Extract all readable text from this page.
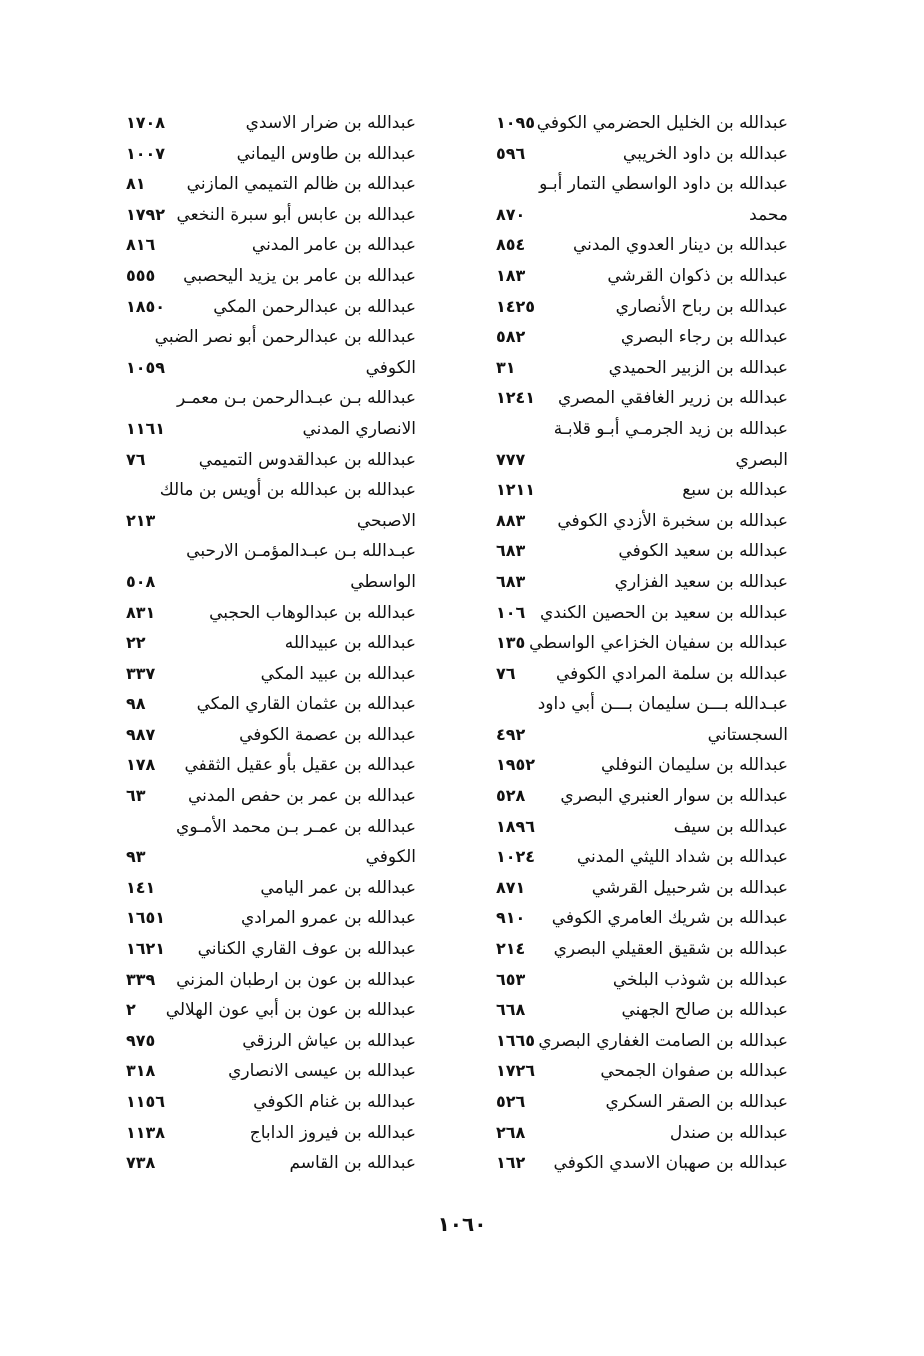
عبدالله بن الخليل الحضرمي الكوفي
١٠٩٥
عبدالله بن داود الخريبي
٥٩٦
عبدالله بن داود الواسطي التمار أبـو
محمد
٨٧٠
عبدالله بن دينار العدوي المدني
٨٥٤
عبدالله بن ذكوان القرشي
١٨٣
عبدالله بن رباح الأنصاري
١٤٢٥
عبدالله بن رجاء البصري
٥٨٢
عبدالله بن الزبير الحميدي
٣١
عبدالله بن زرير الغافقي المصري
١٢٤١
عبدالله بن زيد الجرمـي أبـو قلابـة
البصري
٧٧٧
عبدالله بن سبع
١٢١١
عبدالله بن سخبرة الأزدي الكوفي
٨٨٣
عبدالله بن سعيد الكوفي
٦٨٣
عبدالله بن سعيد الفزاري
٦٨٣
عبدالله بن سعيد بن الحصين الكندي
١٠٦
عبدالله بن سفيان الخزاعي الواسطي
١٣٥
عبدالله بن سلمة المرادي الكوفي
٧٦
عبـدالله بـــن سليمان بـــن أبي داود
السجستاني
٤٩٢
عبدالله بن سليمان النوفلي
١٩٥٢
عبدالله بن سوار العنبري البصري
٥٢٨
عبدالله بن سيف
١٨٩٦
عبدالله بن شداد الليثي المدني
١٠٢٤
عبدالله بن شرحبيل القرشي
٨٧١
عبدالله بن شريك العامري الكوفي
٩١٠
عبدالله بن شقيق العقيلي البصري
٢١٤
عبدالله بن شوذب البلخي
٦٥٣
عبدالله بن صالح الجهني
٦٦٨
عبدالله بن الصامت الغفاري البصري
١٦٦٥
عبدالله بن صفوان الجمحي
١٧٢٦
عبدالله بن الصقر السكري
٥٢٦
عبدالله بن صندل
٢٦٨
عبدالله بن صهبان الاسدي الكوفي
١٦٢
عبدالله بن ضرار الاسدي
١٧٠٨
عبدالله بن طاوس اليماني
١٠٠٧
عبدالله بن ظالم التميمي المازني
٨١
عبدالله بن عابس أبو سبرة النخعي
١٧٩٢
عبدالله بن عامر المدني
٨١٦
عبدالله بن عامر بن يزيد اليحصبي
٥٥٥
عبدالله بن عبدالرحمن المكي
١٨٥٠
عبدالله بن عبدالرحمن أبو نصر الضبي
الكوفي
١٠٥٩
عبدالله بـن عبـدالرحمن بـن معمـر
الانصاري المدني
١١٦١
عبدالله بن عبدالقدوس التميمي
٧٦
عبدالله بن عبدالله بن أويس بن مالك
الاصبحي
٢١٣
عبـدالله بـن عبـدالمؤمـن الارحبي
الواسطي
٥٠٨
عبدالله بن عبدالوهاب الحجبي
٨٣١
عبدالله بن عبيدالله
٢٢
عبدالله بن عبيد المكي
٣٣٧
عبدالله بن عثمان القاري المكي
٩٨
عبدالله بن عصمة الكوفي
٩٨٧
عبدالله بن عقيل بأو عقيل الثقفي
١٧٨
عبدالله بن عمر بن حفص المدني
٦٣
عبدالله بن عمـر بـن محمد الأمـوي
الكوفي
٩٣
عبدالله بن عمر اليامي
١٤١
عبدالله بن عمرو المرادي
١٦٥١
عبدالله بن عوف القاري الكناني
١٦٢١
عبدالله بن عون بن ارطبان المزني
٣٣٩
عبدالله بن عون بن أبي عون الهلالي
٢
عبدالله بن عياش الرزقي
٩٧٥
عبدالله بن عيسى الانصاري
٣١٨
عبدالله بن غنام الكوفي
١١٥٦
عبدالله بن فيروز الداباج
١١٣٨
عبدالله بن القاسم
٧٣٨
١٠٦٠
